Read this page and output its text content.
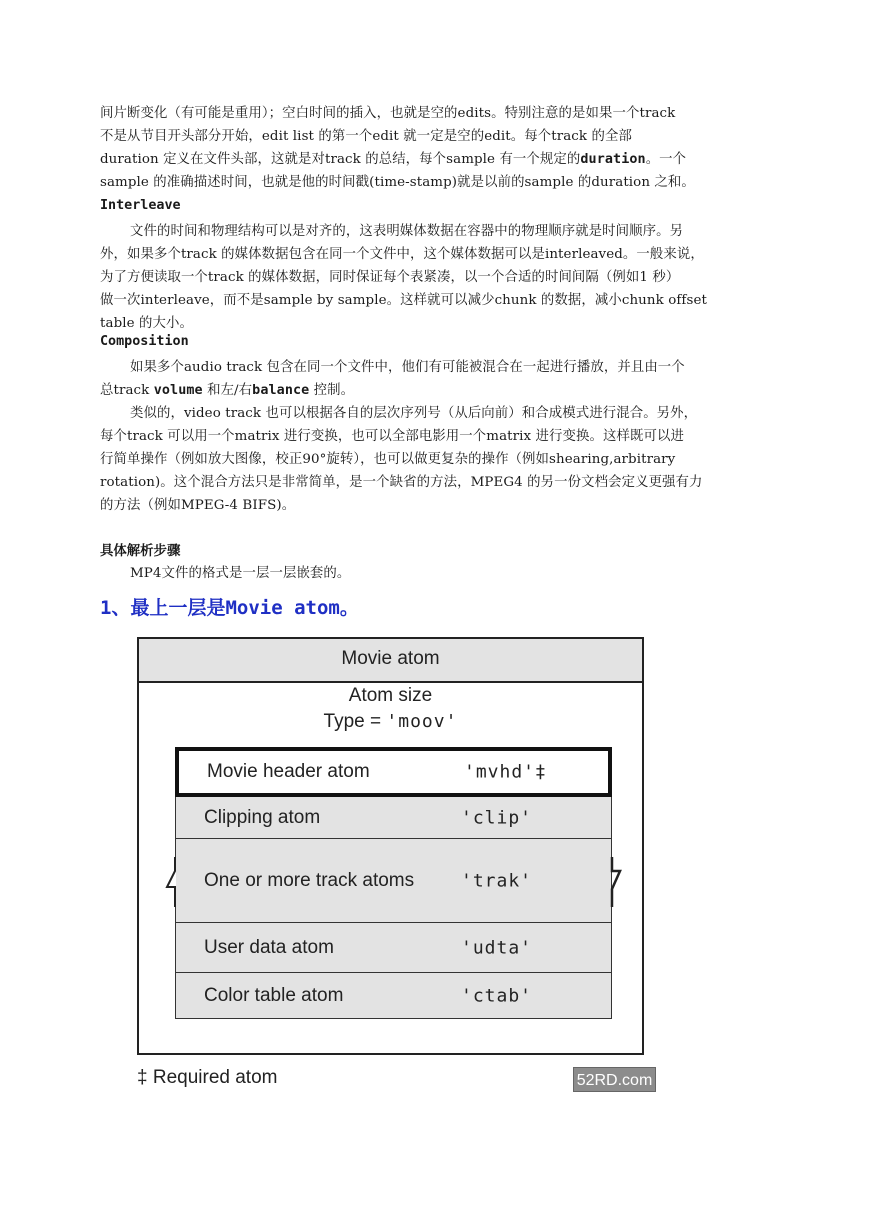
间片断变化（有可能是重用）；空白时间的插入，也就是空的edits。特别注意的是如果一个track
不是从节目开头部分开始，edit list 的第一个edit 就一定是空的edit。每个track 的全部
duration 定义在文件头部，这就是对track 的总结，每个sample 有一个规定的duration。一个
sample 的准确描述时间，也就是他的时间戳(time-stamp)就是以前的sample 的duration 之和。
Interleave
文件的时间和物理结构可以是对齐的，这表明媒体数据在容器中的物理顺序就是时间顺序。另
外，如果多个track 的媒体数据包含在同一个文件中，这个媒体数据可以是interleaved。一般来说，
为了方便读取一个track 的媒体数据，同时保证每个表紧凑，以一个合适的时间间隔（例如1 秒）
做一次interleave，而不是sample by sample。这样就可以减少chunk 的数据，减小chunk offset
table 的大小。
Composition
如果多个audio track 包含在同一个文件中，他们有可能被混合在一起进行播放，并且由一个
总track volume 和左/右balance 控制。
类似的，video track 也可以根据各自的层次序列号（从后向前）和合成模式进行混合。另外，
每个track 可以用一个matrix 进行变换，也可以全部电影用一个matrix 进行变换。这样既可以进
行简单操作（例如放大图像，校正90°旋转），也可以做更复杂的操作（例如shearing,arbitrary
rotation)。这个混合方法只是非常简单，是一个缺省的方法，MPEG4 的另一份文档会定义更强有力
的方法（例如MPEG-4 BIFS)。
具体解析步骤
MP4文件的格式是一层一层嵌套的。
1、最上一层是Movie atom。
Movie atom
Atom size
Type = 'moov'
Movie header atom	'mvhd'‡
Clipping atom	'clip'
One or more track atoms	'trak'
User data atom	'udta'
Color table atom	'ctab'
‡ Required atom	52RD.com
